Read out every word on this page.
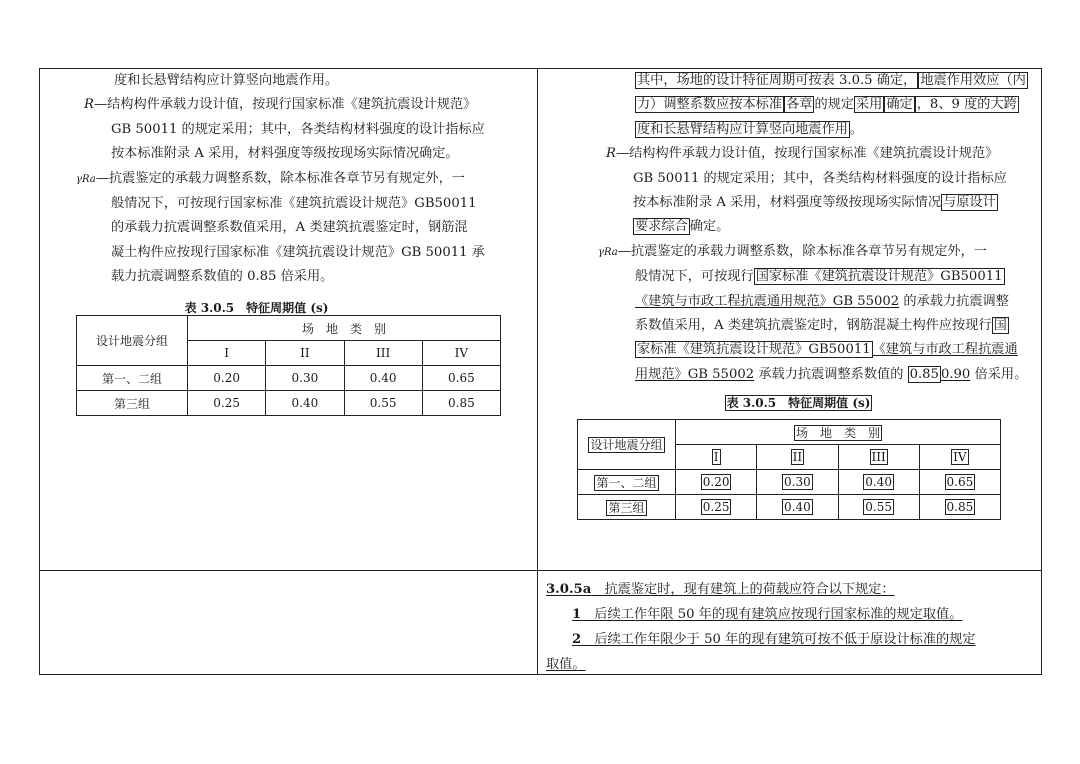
度和长悬臂结构应计算竖向地震作用。

R—结构构件承载力设计值，按现行国家标准《建筑抗震设计规范》

GB 50011 的规定采用；其中，各类结构材料强度的设计指标应

按本标准附录 A 采用，材料强度等级按现场实际情况确定。

γRa—抗震鉴定的承载力调整系数，除本标准各章节另有规定外，一

般情况下，可按现行国家标准《建筑抗震设计规范》GB50011

的承载力抗震调整系数值采用，A 类建筑抗震鉴定时，钢筋混

凝土构件应按现行国家标准《建筑抗震设计规范》GB 50011 承

载力抗震调整系数值的 0.85 倍采用。

表 3.0.5　特征周期值 (s)

设计地震分组	场　地　类　别			
	I	II	III	IV
第一、二组	0.20	0.30	0.40	0.65
第三组	0.25	0.40	0.55	0.85

其中，场地的设计特征周期可按表 3.0.5 确定， 地震作用效应（内

力）调整系数应按本标准 各章 的规定 采用 确定 ，8、9 度的大跨

度和长悬臂结构应计算竖向地震作用 。

R—结构构件承载力设计值，按现行国家标准《建筑抗震设计规范》

GB 50011 的规定采用；其中，各类结构材料强度的设计指标应

按本标准附录 A 采用，材料强度等级按现场实际情况 与原设计

要求综合 确定。

γRa—抗震鉴定的承载力调整系数，除本标准各章节另有规定外，一

般情况下，可按现行 国家标准《建筑抗震设计规范》GB50011

《建筑与市政工程抗震通用规范》GB 55002 的承载力抗震调整

系数值采用，A 类建筑抗震鉴定时，钢筋混凝土构件应按现行 国

家标准《建筑抗震设计规范》GB50011 《建筑与市政工程抗震通

用规范》GB 55002 承载力抗震调整系数值的 0.85 0.90 倍采用。

表 3.0.5　特征周期值 (s)

设计地震分组	场　地　类　别			
	I	II	III	IV
第一、二组	0.20	0.30	0.40	0.65
第三组	0.25	0.40	0.55	0.85

3.0.5a　抗震鉴定时，现有建筑上的荷载应符合以下规定：

1　后续工作年限 50 年的现有建筑应按现行国家标准的规定取值。

2　后续工作年限少于 50 年的现有建筑可按不低于原设计标准的规定

取值。
